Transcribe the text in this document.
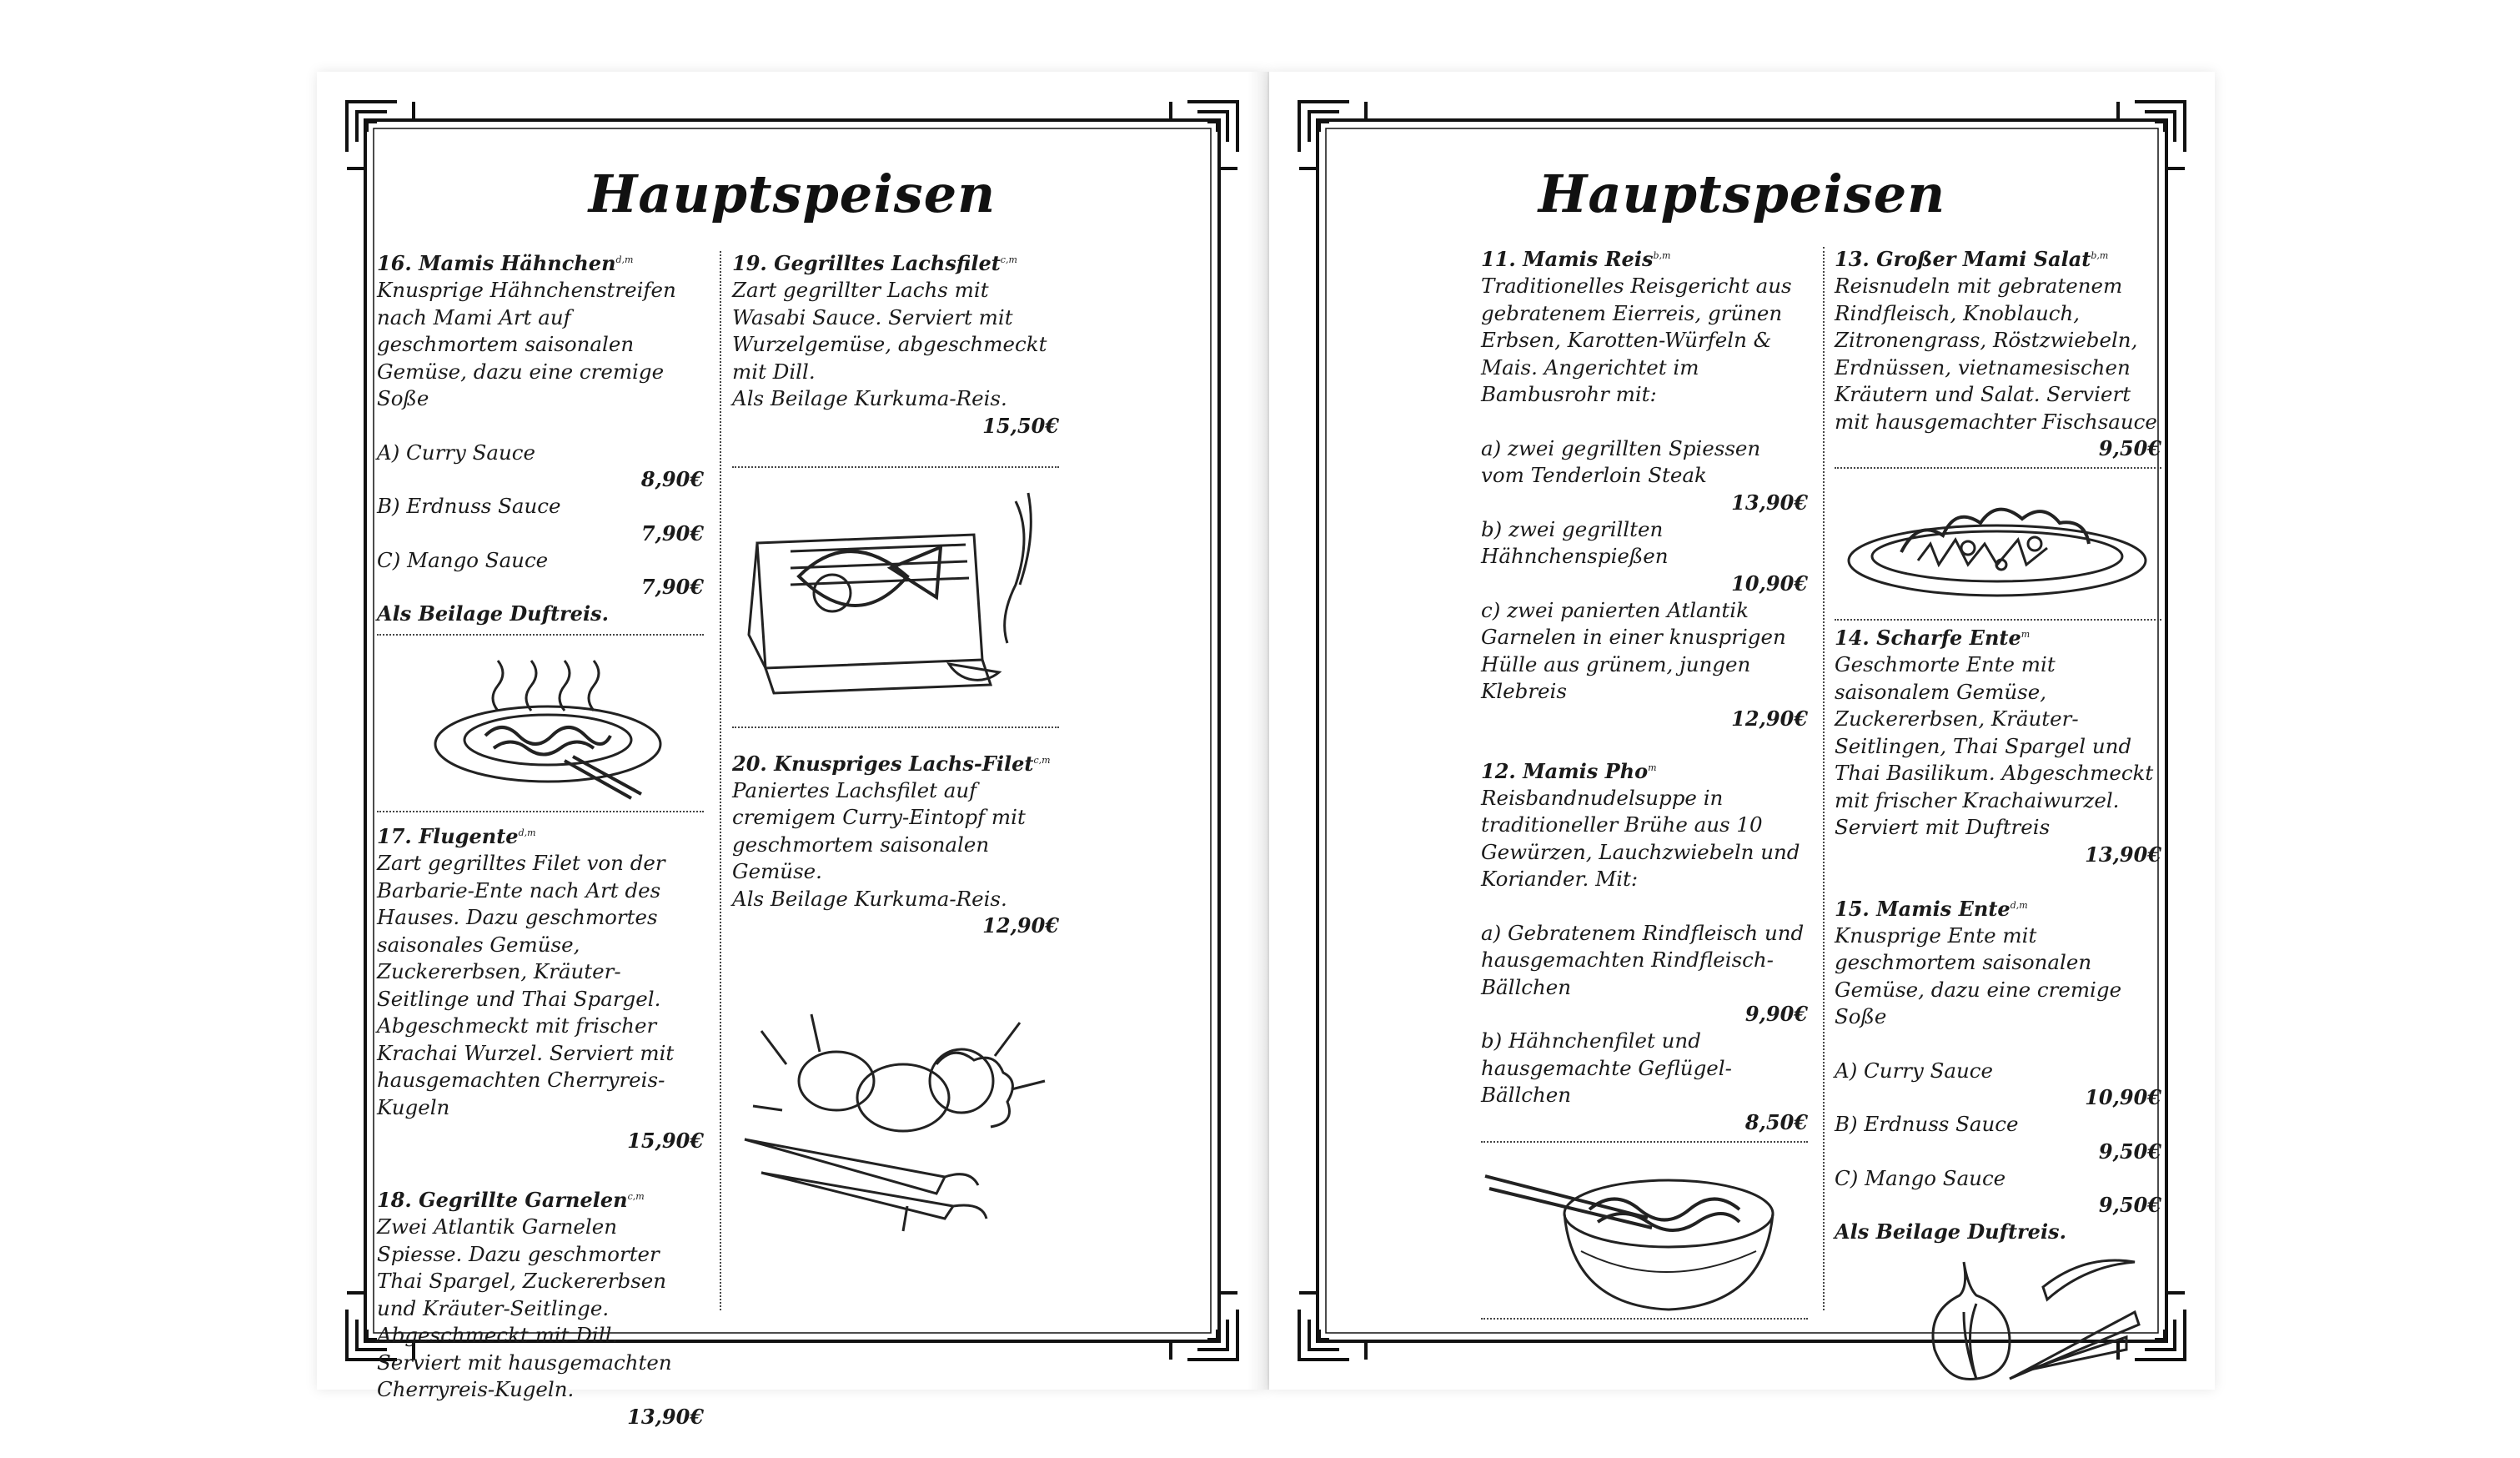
Hauptspeisen
16. Mamis Hähnchen$^{d,m}$
Knusprige Hähnchenstreifen nach Mami Art auf geschmortem saisonalen Gemüse, dazu eine cremige Soße
A) Curry Sauce
8,90€
B) Erdnuss Sauce
7,90€
C) Mango Sauce
7,90€
Als Beilage Duftreis.
17. Flugente$^{d,m}$
Zart gegrilltes Filet von der Barbarie-Ente nach Art des Hauses. Dazu geschmortes saisonales Gemüse, Zuckererbsen, Kräuter-Seitlinge und Thai Spargel. Abgeschmeckt mit frischer Krachai Wurzel. Serviert mit hausgemachten Cherryreis-Kugeln
15,90€
18. Gegrillte Garnelen$^{c,m}$
Zwei Atlantik Garnelen Spiesse. Dazu geschmorter Thai Spargel, Zuckererbsen und Kräuter-Seitlinge. Abgeschmeckt mit Dill. Serviert mit hausgemachten Cherryreis-Kugeln.
13,90€
19. Gegrilltes Lachsfilet$^{c,m}$
Zart gegrillter Lachs mit Wasabi Sauce. Serviert mit Wurzelgemüse, abgeschmeckt mit Dill.
Als Beilage Kurkuma-Reis.
15,50€
20. Knuspriges Lachs-Filet$^{c,m}$
Paniertes Lachsfilet auf cremigem Curry-Eintopf mit geschmortem saisonalen Gemüse.
Als Beilage Kurkuma-Reis.
12,90€
Hauptspeisen
11. Mamis Reis$^{b,m}$
Traditionelles Reisgericht aus gebratenem Eierreis, grünen Erbsen, Karotten-Würfeln & Mais. Angerichtet im Bambusrohr mit:
a) zwei gegrillten Spiessen vom Tenderloin Steak
13,90€
b) zwei gegrillten Hähnchenspießen
10,90€
c) zwei panierten Atlantik Garnelen in einer knusprigen Hülle aus grünem, jungen Klebreis
12,90€
12. Mamis Pho$^m$
Reisbandnudelsuppe in traditioneller Brühe aus 10 Gewürzen, Lauchzwiebeln und Koriander. Mit:
a) Gebratenem Rindfleisch und hausgemachten Rindfleisch-Bällchen
9,90€
b) Hähnchenfilet und hausgemachte Geflügel-Bällchen
8,50€
13. Großer Mami Salat$^{b,m}$
Reisnudeln mit gebratenem Rindfleisch, Knoblauch, Zitronengrass, Röstzwiebeln, Erdnüssen, vietnamesischen Kräutern und Salat. Serviert mit hausgemachter Fischsauce
9,50€
14. Scharfe Ente$^m$
Geschmorte Ente mit saisonalem Gemüse, Zuckererbsen, Kräuter-Seitlingen, Thai Spargel und Thai Basilikum. Abgeschmeckt mit frischer Krachaiwurzel. Serviert mit Duftreis
13,90€
15. Mamis Ente$^{d,m}$
Knusprige Ente mit geschmortem saisonalen Gemüse, dazu eine cremige Soße
A) Curry Sauce
10,90€
B) Erdnuss Sauce
9,50€
C) Mango Sauce
9,50€
Als Beilage Duftreis.
